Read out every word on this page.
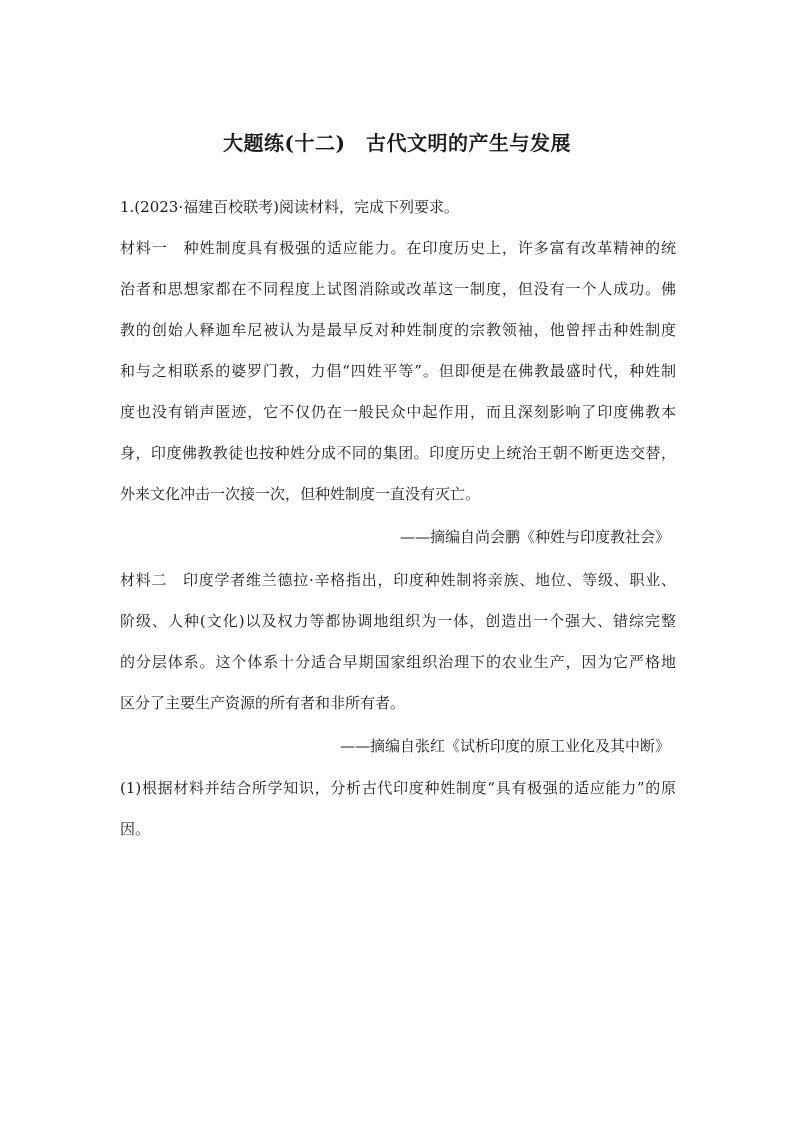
大题练(十二)　古代文明的产生与发展
1.(2023·福建百校联考)阅读材料，完成下列要求。
材料一　种姓制度具有极强的适应能力。在印度历史上，许多富有改革精神的统
治者和思想家都在不同程度上试图消除或改革这一制度，但没有一个人成功。佛
教的创始人释迦牟尼被认为是最早反对种姓制度的宗教领袖，他曾抨击种姓制度
和与之相联系的婆罗门教，力倡“四姓平等”。但即便是在佛教最盛时代，种姓制
度也没有销声匿迹，它不仅仍在一般民众中起作用，而且深刻影响了印度佛教本
身，印度佛教教徒也按种姓分成不同的集团。印度历史上统治王朝不断更迭交替，
外来文化冲击一次接一次，但种姓制度一直没有灭亡。
——摘编自尚会鹏《种姓与印度教社会》
材料二　印度学者维兰德拉·辛格指出，印度种姓制将亲族、地位、等级、职业、
阶级、人种(文化)以及权力等都协调地组织为一体，创造出一个强大、错综完整
的分层体系。这个体系十分适合早期国家组织治理下的农业生产，因为它严格地
区分了主要生产资源的所有者和非所有者。
——摘编自张红《试析印度的原工业化及其中断》
(1)根据材料并结合所学知识，分析古代印度种姓制度“具有极强的适应能力”的原
因。
